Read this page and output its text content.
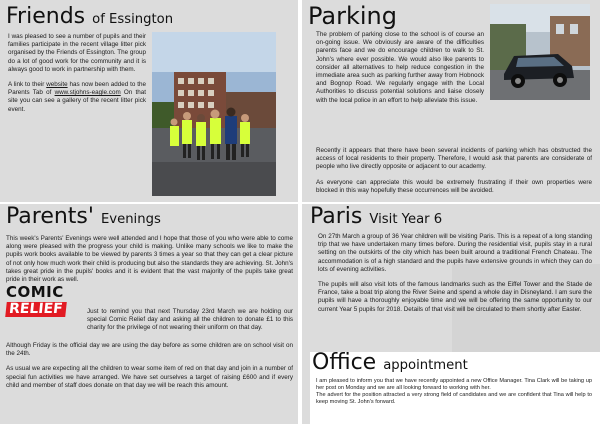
Friends of Essington

I was pleased to see a number of pupils and their families participate in the recent village litter pick organised by the Friends of Essington. The group do a lot of good work for the community and it is always good to work in partnership with them.

A link to their website has now been added to the Parents Tab of www.stjohns-eagle.com On that site you can see a gallery of the recent litter pick event.

Parents' Evenings

This week's Parents' Evenings were well attended and I hope that those of you who were able to come along were pleased with the progress your child is making. Unlike many schools we like to make the pupils work books available to be viewed by parents 3 times a year so that they can get a clear picture of not only how much work their child is producing but also the standards they are achieving. St. John's takes great pride in the pupils' books and it is evident that the vast majority of the pupils take great pride in their work as well.

COMIC
RELIEF	Just to remind you that next Thursday 23rd March we are holding our special Comic Relief day and asking all the children to donate £1 to this charity for the privilege of not wearing their uniform on that day.

Although Friday is the official day we are using the day before as some children are on school visit on the 24th.

As usual we are expecting all the children to wear some item of red on that day and join in a number of special fun activities we have arranged. We have set ourselves a target of raising £600 and if every child and member of staff does donate on that day we will be reach this amount.

Parking

The problem of parking close to the school is of course an on-going issue. We obviously are aware of the difficulties parents face and we do encourage children to walk to St. John's where ever possible. We would also like parents to consider all alternatives to help reduce congestion in the immediate area such as parking further away from Hobnock and Bognop Road. We regularly engage with the Local Authorities to discuss potential solutions and liaise closely with the local police in an effort to help alleviate this issue.

Recently it appears that there have been several incidents of parking which has obstructed the access of local residents to their property. Therefore, I would ask that parents are considerate of people who live directly opposite or adjacent to our academy.

As everyone can appreciate this would be extremely frustrating if their own properties were blocked in this way hopefully these occurrences will be avoided.

Paris Visit Year 6

On 27th March a group of 36 Year children will be visiting Paris. This is a repeat of a long standing trip that we have undertaken many times before. During the residential visit, pupils stay in a rural setting on the outskirts of the city which has been built around a traditional French Chateau. The accommodation is of a high standard and the pupils have extensive grounds in which they can do lots of evening activities.

The pupils will also visit lots of the famous landmarks such as the Eiffel Tower and the Stade de France, take a boat trip along the River Seine and spend a whole day in Disneyland. I am sure the pupils will have a thoroughly enjoyable time and we will be offering the same opportunity to our current Year 5 pupils for 2018. Details of that visit will be circulated to them shortly after Easter.

Office appointment

I am pleased to inform you that we have recently appointed a new Office Manager. Tina Clark will be taking up her post on Monday and we are all looking forward to working with her.

The advert for the position attracted a very strong field of candidates and we are confident that Tina will help to keep moving St. John's forward.
